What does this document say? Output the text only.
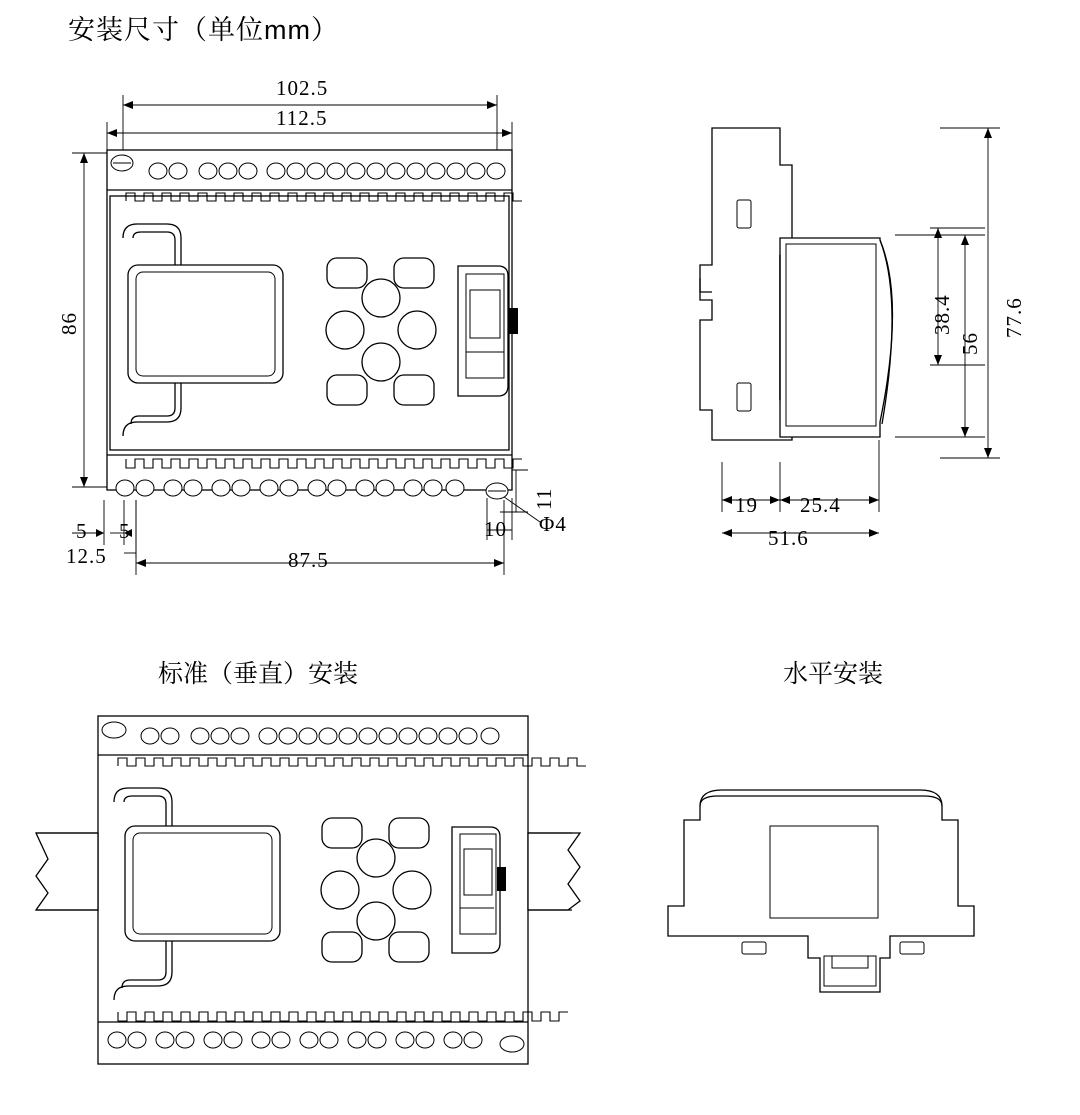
安装尺寸（单位mm）
102.5
112.5
86
87.5
5 5
12.5
10
11
Φ4
77.6
56
38.4
19 25.4
51.6
标准（垂直）安装	水平安装
